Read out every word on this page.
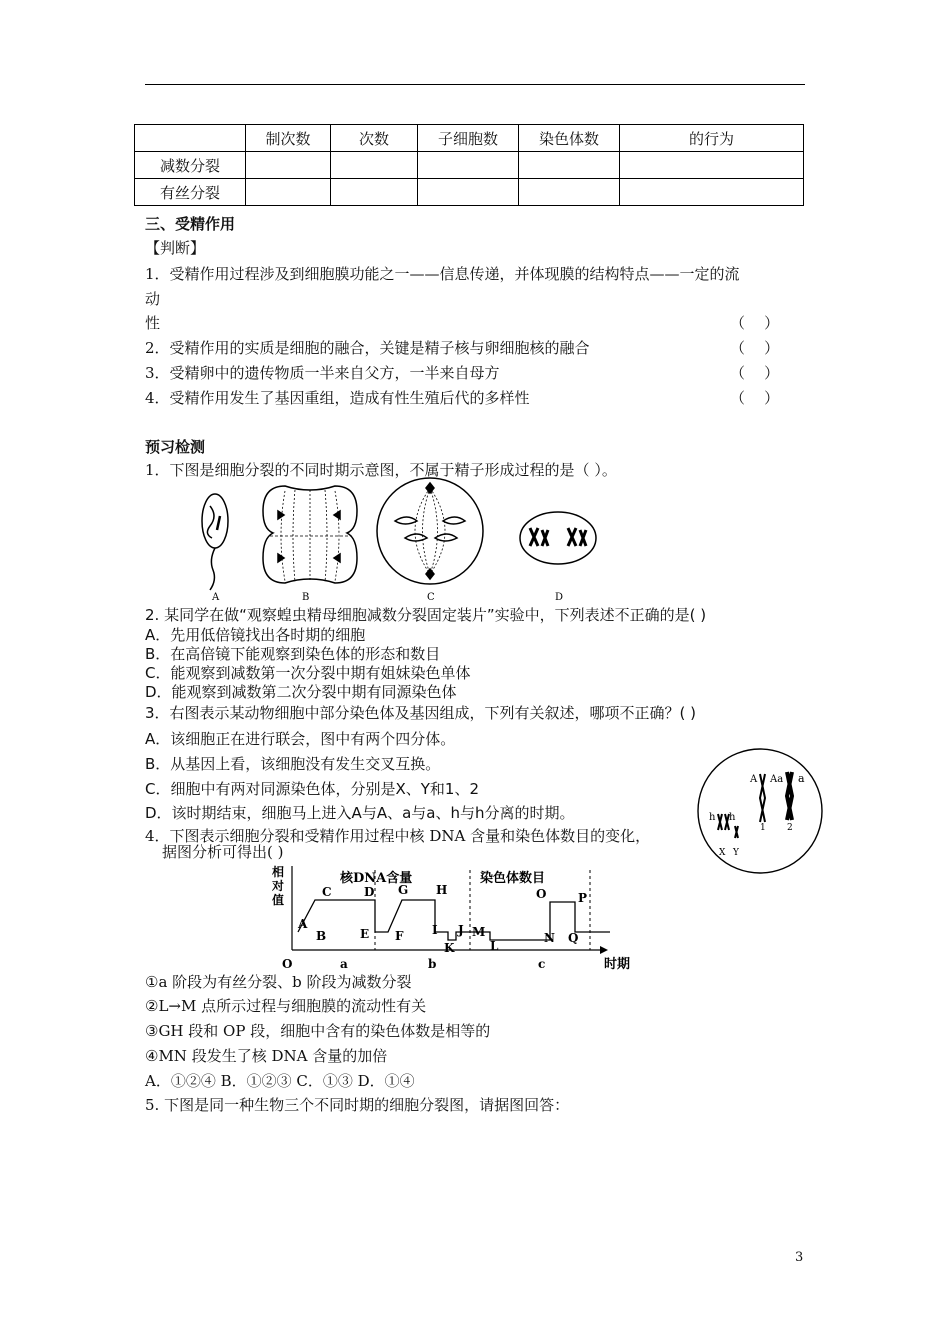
	制次数	次数	子细胞数	染色体数	的行为
减数分裂					
有丝分裂					
三、受精作用
【判断】
1．受精作用过程涉及到细胞膜功能之一——信息传递，并体现膜的结构特点——一定的流
动
性	（    ）
2．受精作用的实质是细胞的融合，关键是精子核与卵细胞核的融合	（    ）
3．受精卵中的遗传物质一半来自父方，一半来自母方	（    ）
4．受精作用发生了基因重组，造成有性生殖后代的多样性	（    ）
预习检测
1．下图是细胞分裂的不同时期示意图，不属于精子形成过程的是（ ）。
A	B	C	D
2. 某同学在做“观察蝗虫精母细胞减数分裂固定装片”实验中，下列表述不正确的是( )
A．先用低倍镜找出各时期的细胞
B．在高倍镜下能观察到染色体的形态和数目
C．能观察到减数第一次分裂中期有姐妹染色单体
D．能观察到减数第二次分裂中期有同源染色体
3．右图表示某动物细胞中部分染色体及基因组成，下列有关叙述，哪项不正确？( )
A．该细胞正在进行联会，图中有两个四分体。
B．从基因上看，该细胞没有发生交叉互换。
C．细胞中有两对同源染色体，分别是X、Y和1、2
D．该时期结束，细胞马上进入A与A、a与a、h与h分离的时期。
A Aa a
h h
1 2
X Y
4．下图表示细胞分裂和受精作用过程中核 DNA 含量和染色体数目的变化，
据图分析可得出( )
相
对
值
核DNA含量	染色体数目
A
B
C	D
E F
G H
I J
K
M
L
O	P
N Q
O	a	b	c	时期
①a 阶段为有丝分裂、b 阶段为减数分裂
②L→M 点所示过程与细胞膜的流动性有关
③GH 段和 OP 段，细胞中含有的染色体数是相等的
④MN 段发生了核 DNA 含量的加倍
A．①②④ B．①②③ C．①③ D．①④
5. 下图是同一种生物三个不同时期的细胞分裂图，请据图回答：
3
